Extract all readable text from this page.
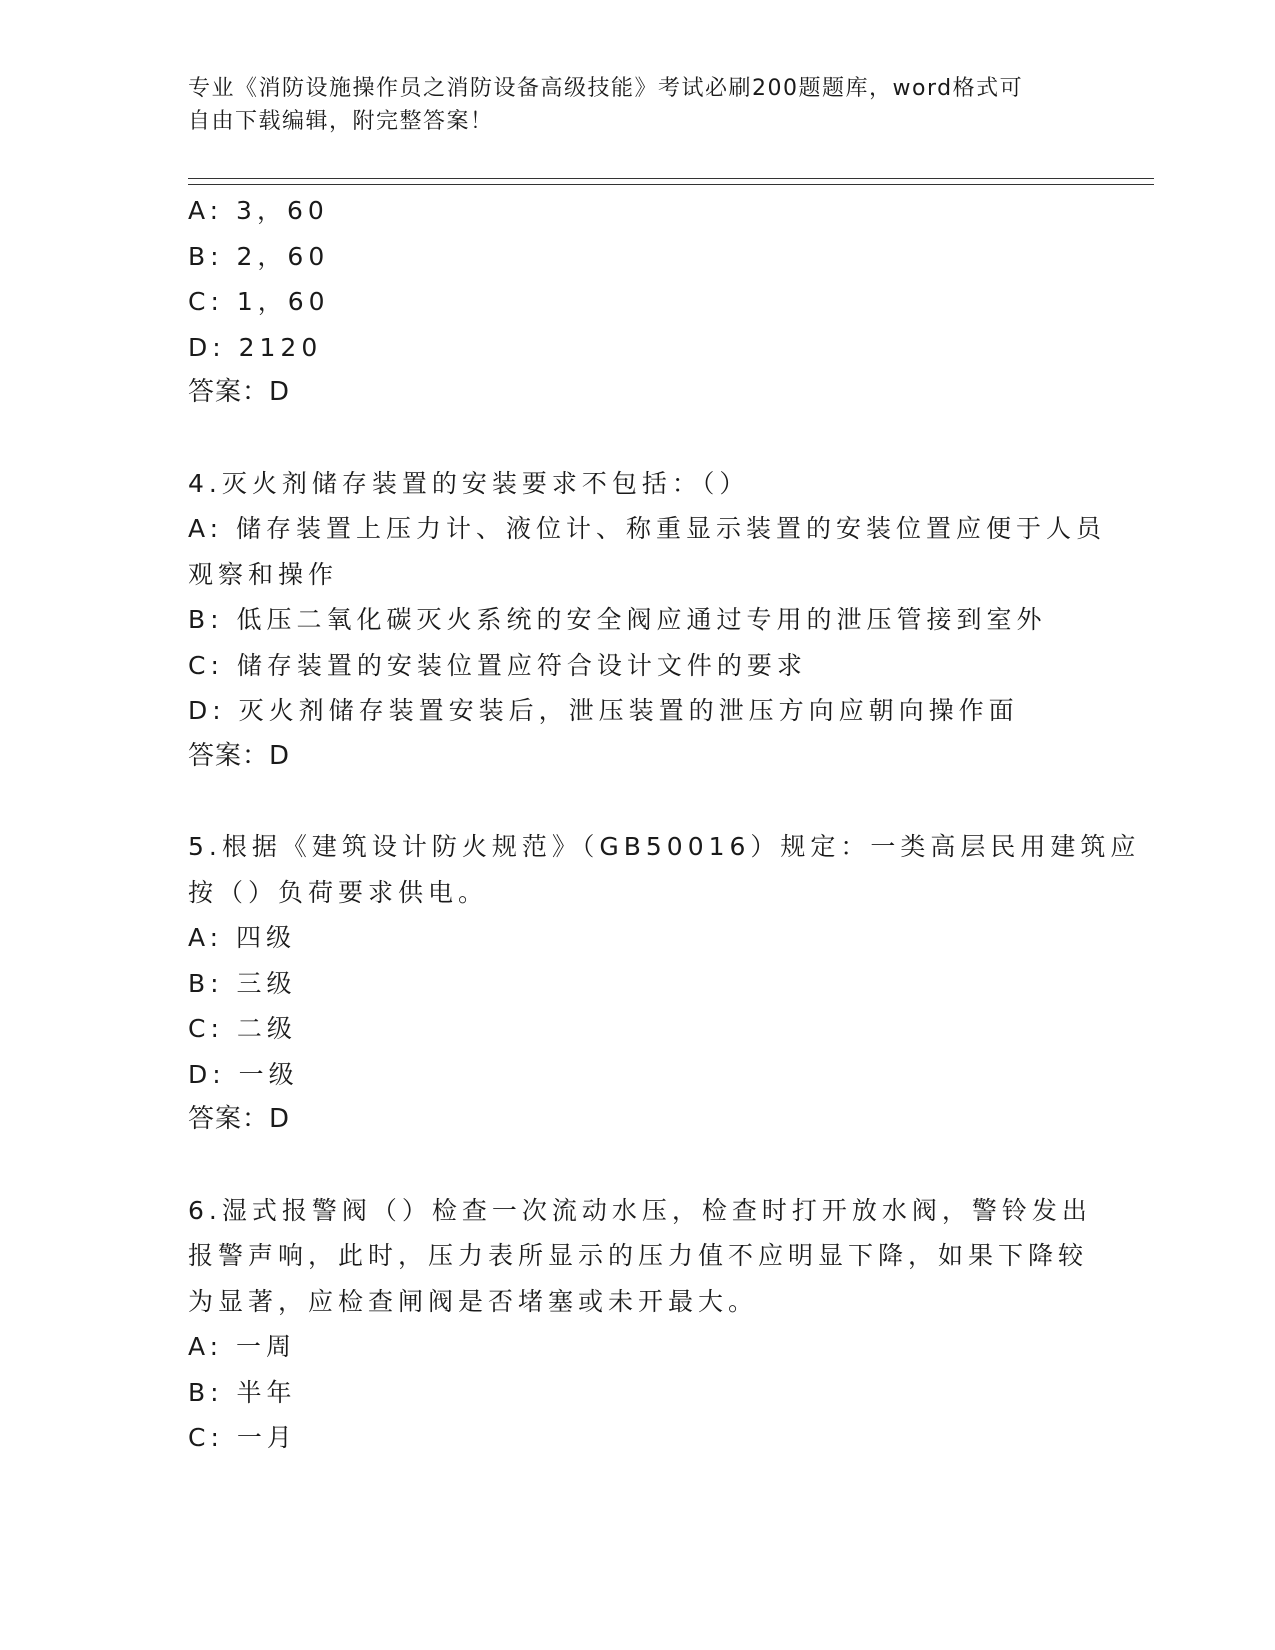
专业《消防设施操作员之消防设备高级技能》考试必刷200题题库，word格式可
自由下载编辑，附完整答案！
A: 3，60
B: 2，60
C: 1，60
D: 2120
答案：D
4.灭火剂储存装置的安装要求不包括：（）
A: 储存装置上压力计、液位计、称重显示装置的安装位置应便于人员
观察和操作
B: 低压二氧化碳灭火系统的安全阀应通过专用的泄压管接到室外
C: 储存装置的安装位置应符合设计文件的要求
D: 灭火剂储存装置安装后，泄压装置的泄压方向应朝向操作面
答案：D
5.根据《建筑设计防火规范》（GB50016）规定：一类高层民用建筑应
按（）负荷要求供电。
A: 四级
B: 三级
C: 二级
D: 一级
答案：D
6.湿式报警阀（）检查一次流动水压，检查时打开放水阀，警铃发出
报警声响，此时，压力表所显示的压力值不应明显下降，如果下降较
为显著，应检查闸阀是否堵塞或未开最大。
A: 一周
B: 半年
C: 一月
